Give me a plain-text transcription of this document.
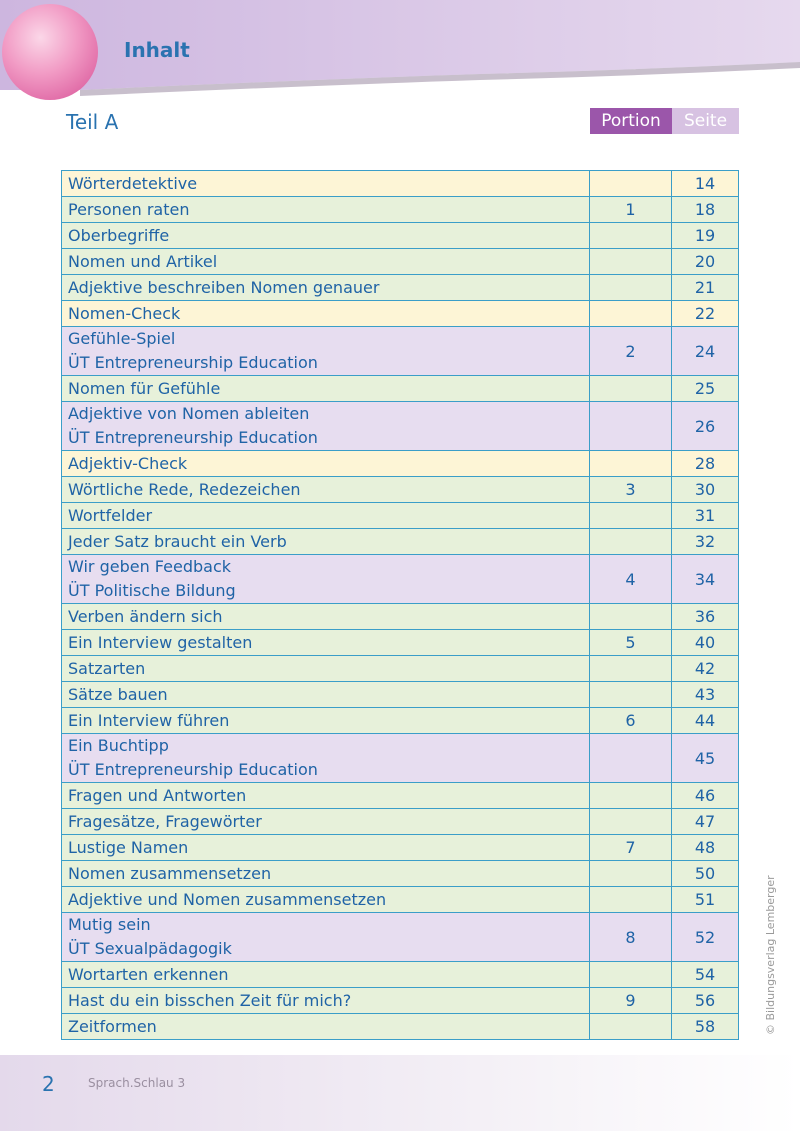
Inhalt
Teil A	Portion	Seite
Wörterdetektive		14

Personen raten	1	18

Oberbegriffe		19

Nomen und Artikel		20

Adjektive beschreiben Nomen genauer		21

Nomen-Check		22

Gefühle-Spiel
ÜT Entrepreneurship Education	2	24

Nomen für Gefühle		25

Adjektive von Nomen ableiten
ÜT Entrepreneurship Education		26

Adjektiv-Check		28

Wörtliche Rede, Redezeichen	3	30

Wortfelder		31

Jeder Satz braucht ein Verb		32

Wir geben Feedback
ÜT Politische Bildung	4	34

Verben ändern sich		36

Ein Interview gestalten	5	40

Satzarten		42

Sätze bauen		43

Ein Interview führen	6	44

Ein Buchtipp
ÜT Entrepreneurship Education		45

Fragen und Antworten		46

Fragesätze, Fragewörter		47

Lustige Namen	7	48

Nomen zusammensetzen		50

Adjektive und Nomen zusammensetzen		51

Mutig sein
ÜT Sexualpädagogik	8	52

Wortarten erkennen		54

Hast du ein bisschen Zeit für mich?	9	56

Zeitformen		58
2	Sprach.Schlau 3
© Bildungsverlag Lemberger
